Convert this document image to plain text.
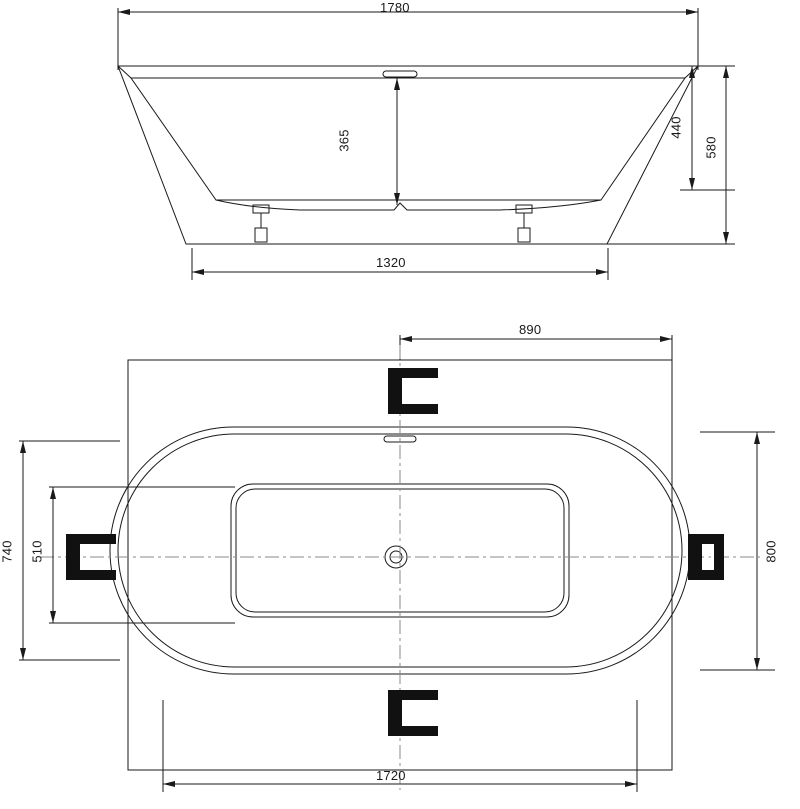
1780
365
440
580
1320
890
740 510	800
1720
1
1	1
1
